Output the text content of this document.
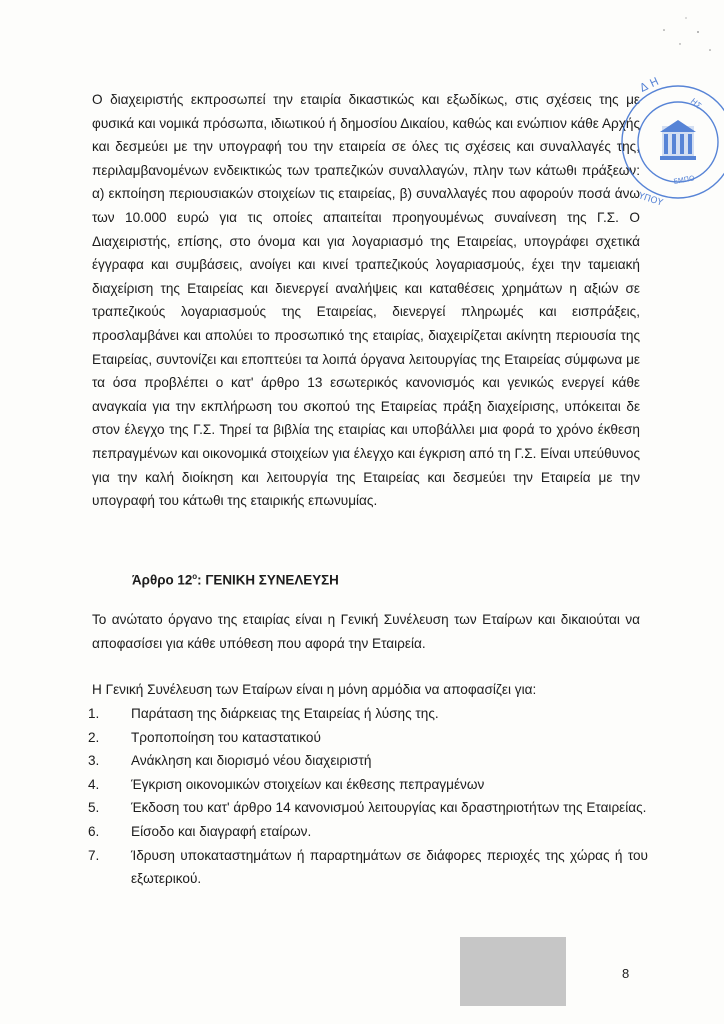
Ο διαχειριστής εκπροσωπεί την εταιρία δικαστικώς και εξωδίκως, στις σχέσεις της με φυσικά και νομικά πρόσωπα, ιδιωτικού ή δημοσίου Δικαίου, καθώς και ενώπιον κάθε Αρχής και δεσμεύει με την υπογραφή του την εταιρεία σε όλες τις σχέσεις και συναλλαγές της, περιλαμβανομένων ενδεικτικώς των τραπεζικών συναλλαγών, πλην των κάτωθι πράξεων: α) εκποίηση περιουσιακών στοιχείων τις εταιρείας, β) συναλλαγές που αφορούν ποσά άνω των 10.000 ευρώ για τις οποίες απαιτείται προηγουμένως συναίνεση της Γ.Σ. Ο Διαχειριστής, επίσης, στο όνομα και για λογαριασμό της Εταιρείας, υπογράφει σχετικά έγγραφα και συμβάσεις, ανοίγει και κινεί τραπεζικούς λογαριασμούς, έχει την ταμειακή διαχείριση της Εταιρείας και διενεργεί αναλήψεις και καταθέσεις χρημάτων η αξιών σε τραπεζικούς λογαριασμούς της Εταιρείας, διενεργεί πληρωμές και εισπράξεις, προσλαμβάνει και απολύει το προσωπικό της εταιρίας, διαχειρίζεται ακίνητη περιουσία της Εταιρείας, συντονίζει και εποπτεύει τα λοιπά όργανα λειτουργίας της Εταιρείας σύμφωνα με τα όσα προβλέπει ο κατ' άρθρο 13 εσωτερικός κανονισμός και γενικώς ενεργεί κάθε αναγκαία για την εκπλήρωση του σκοπού της Εταιρείας πράξη διαχείρισης, υπόκειται δε στον έλεγχο της Γ.Σ. Τηρεί τα βιβλία της εταιρίας και υποβάλλει μια φορά το χρόνο έκθεση πεπραγμένων και οικονομικά στοιχείων για έλεγχο και έγκριση από τη Γ.Σ. Είναι υπεύθυνος για την καλή διοίκηση και λειτουργία της Εταιρείας και δεσμεύει την Εταιρεία με την υπογραφή του κάτωθι της εταιρικής επωνυμίας.

Δ Η
ΥΠΟΥ
ΗΣ
ΕΜΠΟ
Άρθρο $12^o$: ΓΕΝΙΚΗ ΣΥΝΕΛΕΥΣΗ

Το ανώτατο όργανο της εταιρίας είναι η Γενική Συνέλευση των Εταίρων και δικαιούται να αποφασίσει για κάθε υπόθεση που αφορά την Εταιρεία.

Η Γενική Συνέλευση των Εταίρων είναι η μόνη αρμόδια να αποφασίζει για:

1. Παράταση της διάρκειας της Εταιρείας ή λύσης της.
2. Τροποποίηση του καταστατικού
3. Ανάκληση και διορισμό νέου διαχειριστή
4. Έγκριση οικονομικών στοιχείων και έκθεσης πεπραγμένων
5. Έκδοση του κατ' άρθρο 14 κανονισμού λειτουργίας και δραστηριοτήτων της Εταιρείας.
6. Είσοδο και διαγραφή εταίρων.
7. Ίδρυση υποκαταστημάτων ή παραρτημάτων σε διάφορες περιοχές της χώρας ή του εξωτερικού.
8
